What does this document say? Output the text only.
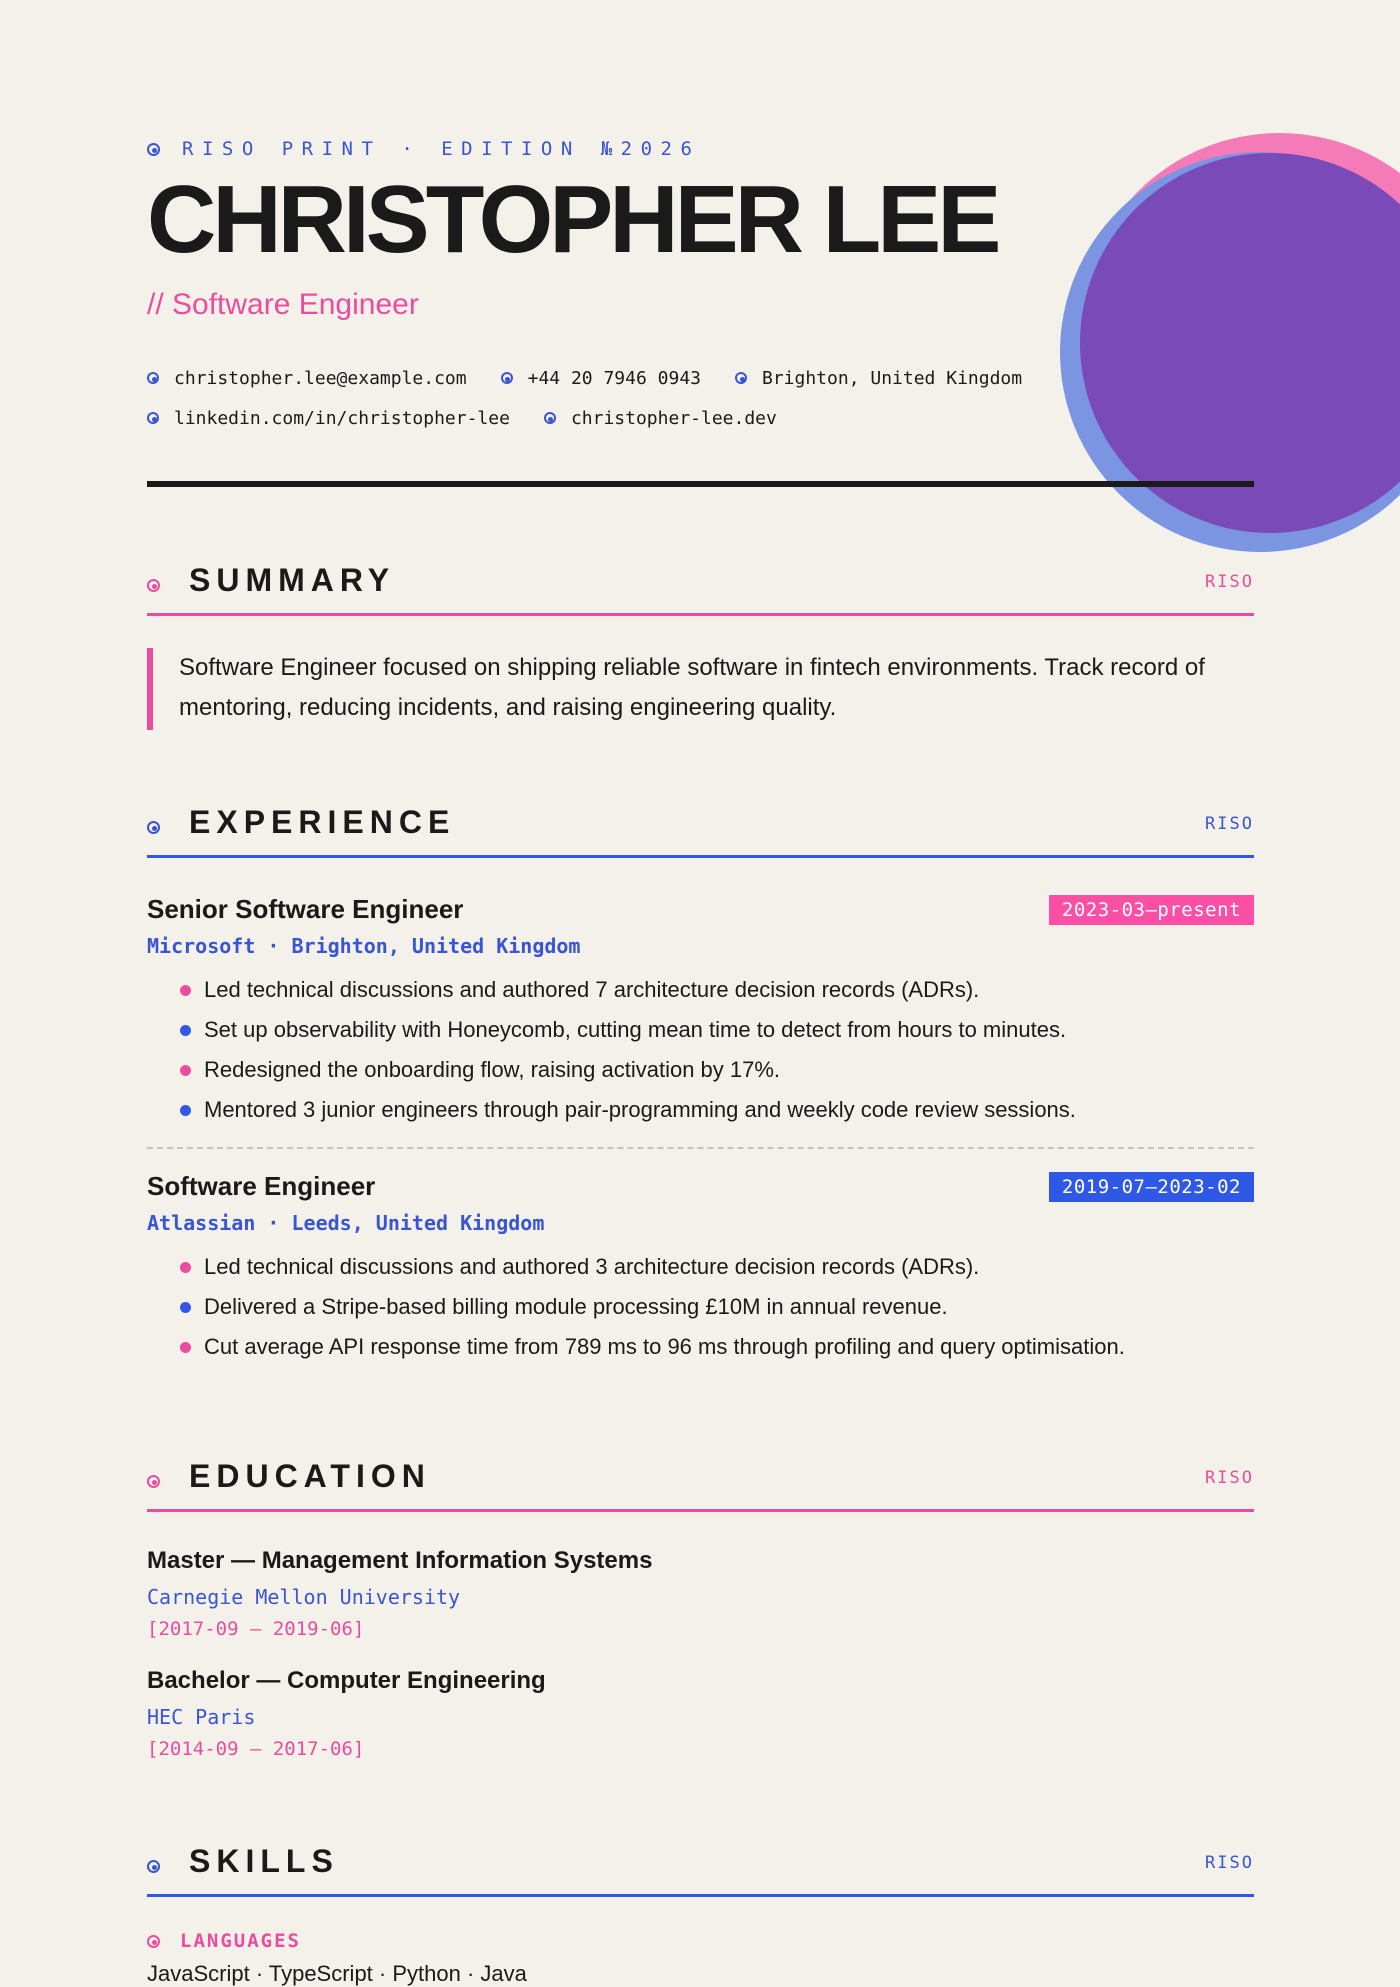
RISO PRINT · EDITION №2026
CHRISTOPHER LEE
// Software Engineer
christopher.lee@example.com	+44 20 7946 0943	Brighton, United Kingdom
linkedin.com/in/christopher-lee	christopher-lee.dev
SUMMARY	RISO
Software Engineer focused on shipping reliable software in fintech environments. Track record of mentoring, reducing incidents, and raising engineering quality.
EXPERIENCE	RISO
Senior Software Engineer	2023-03—present
Microsoft · Brighton, United Kingdom
Led technical discussions and authored 7 architecture decision records (ADRs).
Set up observability with Honeycomb, cutting mean time to detect from hours to minutes.
Redesigned the onboarding flow, raising activation by 17%.
Mentored 3 junior engineers through pair-programming and weekly code review sessions.
Software Engineer	2019-07—2023-02
Atlassian · Leeds, United Kingdom
Led technical discussions and authored 3 architecture decision records (ADRs).
Delivered a Stripe-based billing module processing £10M in annual revenue.
Cut average API response time from 789 ms to 96 ms through profiling and query optimisation.
EDUCATION	RISO
Master — Management Information Systems
Carnegie Mellon University
[2017-09 – 2019-06]
Bachelor — Computer Engineering
HEC Paris
[2014-09 – 2017-06]
SKILLS	RISO
LANGUAGES
JavaScript · TypeScript · Python · Java
